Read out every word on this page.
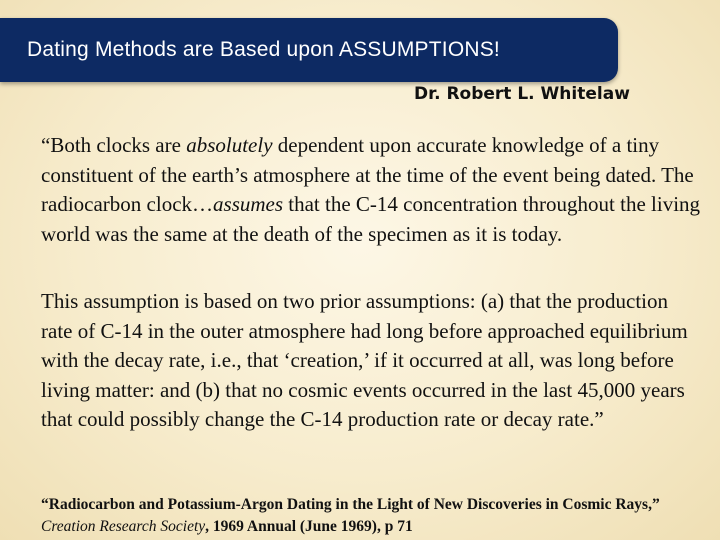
Dating Methods are Based upon ASSUMPTIONS!
Dr. Robert L. Whitelaw

“Both clocks are absolutely dependent upon accurate knowledge of a tiny constituent of the earth’s atmosphere at the time of the event being dated. The radiocarbon clock…assumes that the C-14 concentration throughout the living world was the same at the death of the specimen as it is today.

This assumption is based on two prior assumptions: (a) that the production rate of C-14 in the outer atmosphere had long before approached equilibrium with the decay rate, i.e., that ‘creation,’ if it occurred at all, was long before living matter: and (b) that no cosmic events occurred in the last 45,000 years that could possibly change the C-14 production rate or decay rate.”

“Radiocarbon and Potassium-Argon Dating in the Light of New Discoveries in Cosmic Rays,” Creation Research Society, 1969 Annual (June 1969), p 71
